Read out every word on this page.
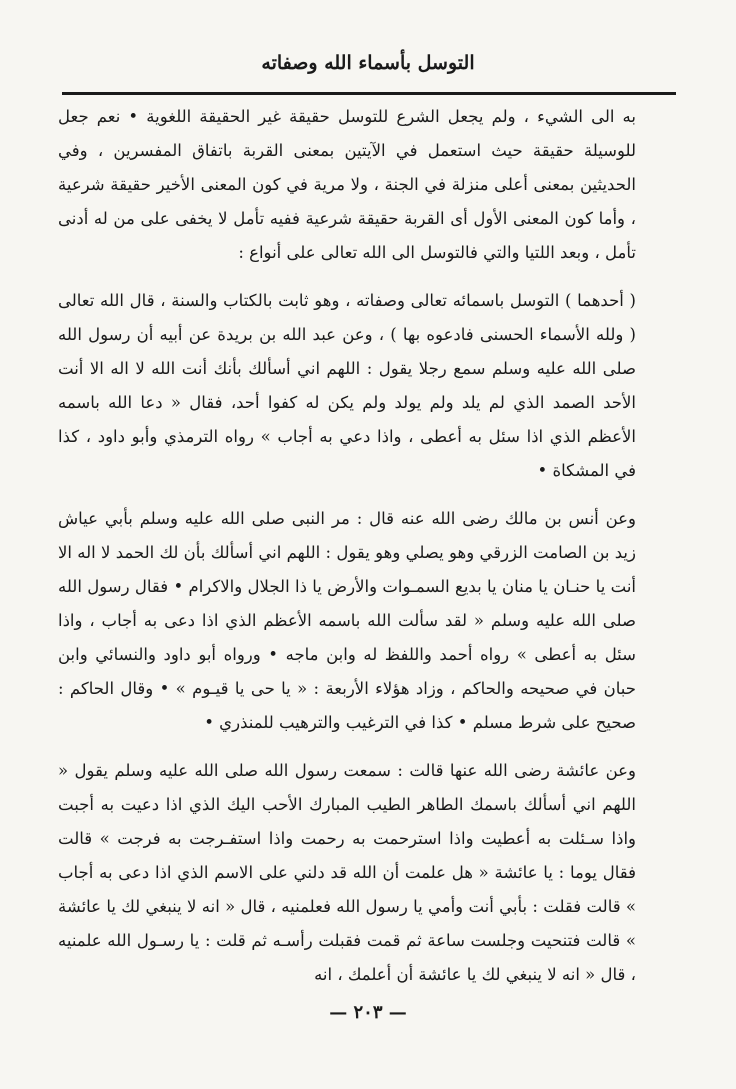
التوسل بأسماء الله وصفاته

به الى الشيء ، ولم يجعل الشرع للتوسل حقيقة غير الحقيقة اللغوية • نعم جعل للوسيلة حقيقة حيث استعمل في الآيتين بمعنى القربة باتفاق المفسرين ، وفي الحديثين بمعنى أعلى منزلة في الجنة ، ولا مرية في كون المعنى الأخير حقيقة شرعية ، وأما كون المعنى الأول أى القربة حقيقة شرعية ففيه تأمل لا يخفى على من له أدنى تأمل ، وبعد اللتيا والتي فالتوسل الى الله تعالى على أنواع :

( أحدهما ) التوسل باسمائه تعالى وصفاته ، وهو ثابت بالكتاب والسنة ، قال الله تعالى ( ولله الأسماء الحسنى فادعوه بها ) ، وعن عبد الله بن بريدة عن أبيه أن رسول الله صلى الله عليه وسلم سمع رجلا يقول : اللهم اني أسألك بأنك أنت الله لا اله الا أنت الأحد الصمد الذي لم يلد ولم يولد ولم يكن له كفوا أحد، فقال « دعا الله باسمه الأعظم الذي اذا سئل به أعطى ، واذا دعي به أجاب » رواه الترمذي وأبو داود ، كذا في المشكاة •

وعن أنس بن مالك رضى الله عنه قال : مر النبى صلى الله عليه وسلم بأبي عياش زيد بن الصامت الزرقي وهو يصلي وهو يقول : اللهم اني أسألك بأن لك الحمد لا اله الا أنت يا حنـان يا منان يا بديع السمـوات والأرض يا ذا الجلال والاكرام • فقال رسول الله صلى الله عليه وسلم « لقد سألت الله باسمه الأعظم الذي اذا دعى به أجاب ، واذا سئل به أعطى » رواه أحمد واللفظ له وابن ماجه • ورواه أبو داود والنسائي وابن حبان في صحيحه والحاكم ، وزاد هؤلاء الأربعة : « يا حى يا قيـوم » • وقال الحاكم : صحيح على شرط مسلم • كذا في الترغيب والترهيب للمنذري •

وعن عائشة رضى الله عنها قالت : سمعت رسول الله صلى الله عليه وسلم يقول « اللهم اني أسألك باسمك الطاهر الطيب المبارك الأحب اليك الذي اذا دعيت به أجبت واذا سـئلت به أعطيت واذا استرحمت به رحمت واذا استفـرجت به فرجت » قالت فقال يوما : يا عائشة « هل علمت أن الله قد دلني على الاسم الذي اذا دعى به أجاب » قالت فقلت : بأبي أنت وأمي يا رسول الله فعلمنيه ، قال « انه لا ينبغي لك يا عائشة » قالت فتنحيت وجلست ساعة ثم قمت فقبلت رأسـه ثم قلت : يا رسـول الله علمنيه ، قال « انه لا ينبغي لك يا عائشة أن أعلمك ، انه

— ٢٠٣ —
